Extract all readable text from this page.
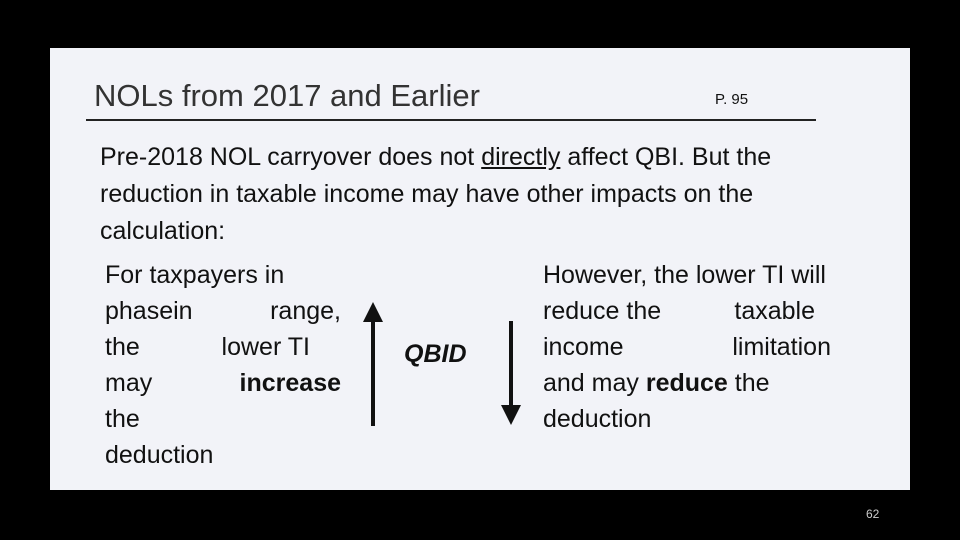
NOLs from 2017 and Earlier	P. 95
Pre-2018 NOL carryover does not directly affect QBI. But the reduction in taxable income may have other impacts on the calculation:
For taxpayers in
phasein	range,
the	lower TI
may	increase
the
deduction
QBID
However, the lower TI will
reduce the	taxable
income	limitation
and may reduce the
deduction
62
